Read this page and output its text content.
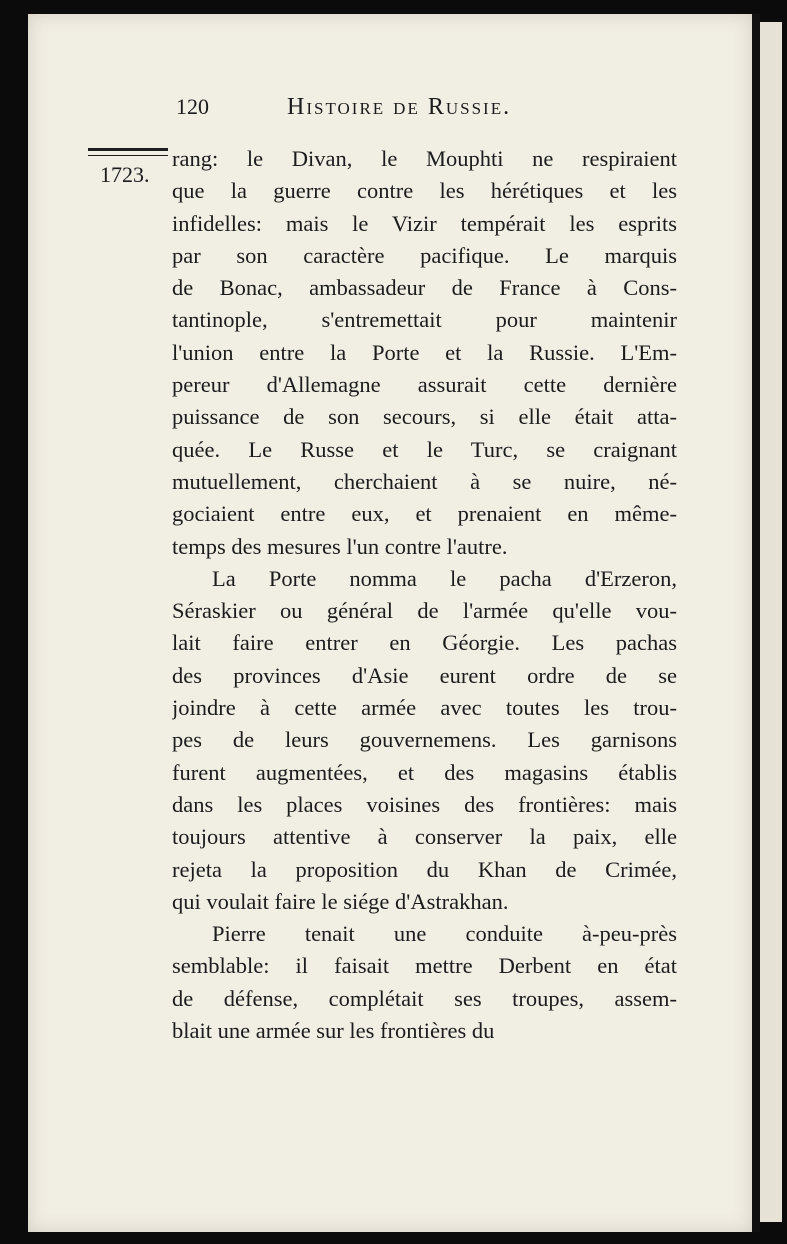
120	Histoire de Russie.
1723.
rang: le Divan, le Mouphti ne respiraient
que la guerre contre les hérétiques et les
infidelles: mais le Vizir tempérait les esprits
par son caractère pacifique. Le marquis
de Bonac, ambassadeur de France à Cons-
tantinople, s'entremettait pour maintenir
l'union entre la Porte et la Russie. L'Em-
pereur d'Allemagne assurait cette dernière
puissance de son secours, si elle était atta-
quée. Le Russe et le Turc, se craignant
mutuellement, cherchaient à se nuire, né-
gociaient entre eux, et prenaient en même-
temps des mesures l'un contre l'autre.
La Porte nomma le pacha d'Erzeron,
Séraskier ou général de l'armée qu'elle vou-
lait faire entrer en Géorgie. Les pachas
des provinces d'Asie eurent ordre de se
joindre à cette armée avec toutes les trou-
pes de leurs gouvernemens. Les garnisons
furent augmentées, et des magasins établis
dans les places voisines des frontières: mais
toujours attentive à conserver la paix, elle
rejeta la proposition du Khan de Crimée,
qui voulait faire le siége d'Astrakhan.
Pierre tenait une conduite à-peu-près
semblable: il faisait mettre Derbent en état
de défense, complétait ses troupes, assem-
blait une armée sur les frontières du
